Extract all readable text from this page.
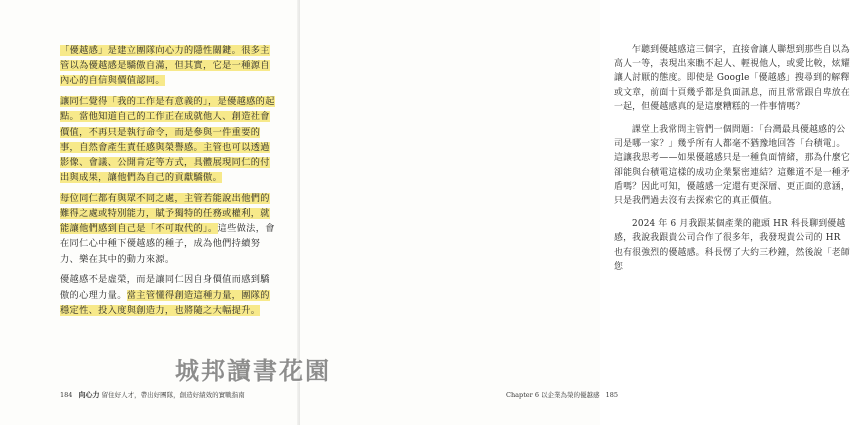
「優越感」是建立團隊向心力的隱性關鍵。很多主管以為優越感是驕傲自滿，但其實，它是一種源自內心的自信與價值認同。

讓同仁覺得「我的工作是有意義的」，是優越感的起點。當他知道自己的工作正在成就他人、創造社會價值，不再只是執行命令，而是參與一件重要的事，自然會產生責任感與榮譽感。主管也可以透過影像、會議、公開肯定等方式，具體展現同仁的付出與成果，讓他們為自己的貢獻驕傲。

每位同仁都有與眾不同之處，主管若能說出他們的難得之處或特別能力，賦予獨特的任務或權利，就能讓他們感到自己是「不可取代的」。這些做法，會在同仁心中種下優越感的種子，成為他們持續努力、樂在其中的動力來源。

優越感不是虛榮，而是讓同仁因自身價值而感到驕傲的心理力量。當主管懂得創造這種力量，團隊的穩定性、投入度與創造力，也將隨之大幅提升。

184 向心力 留住好人才，帶出好團隊，創造好績效的實戰指南

乍聽到優越感這三個字，直接會讓人聯想到那些自以為高人一等，表現出來瞧不起人、輕視他人，或愛比較，炫耀讓人討厭的態度。即使是 Google「優越感」搜尋到的解釋或文章，前面十頁幾乎都是負面訊息，而且常常跟自卑放在一起，但優越感真的是這麼糟糕的一件事情嗎？

課堂上我常問主管們一個問題：「台灣最具優越感的公司是哪一家？」幾乎所有人都毫不猶豫地回答「台積電」。這讓我思考——如果優越感只是一種負面情緒，那為什麼它卻能與台積電這樣的成功企業緊密連結？這難道不是一種矛盾嗎？因此可知，優越感一定還有更深層、更正面的意涵，只是我們過去沒有去探索它的真正價值。

2024 年 6 月我跟某個產業的龍頭 HR 科長聊到優越感，我說我跟貴公司合作了很多年，我發現貴公司的 HR 也有很強烈的優越感。科長愣了大約三秒鐘，然後說「老師您

Chapter 6 以企業為榮的優越感 185
城邦讀書花園
